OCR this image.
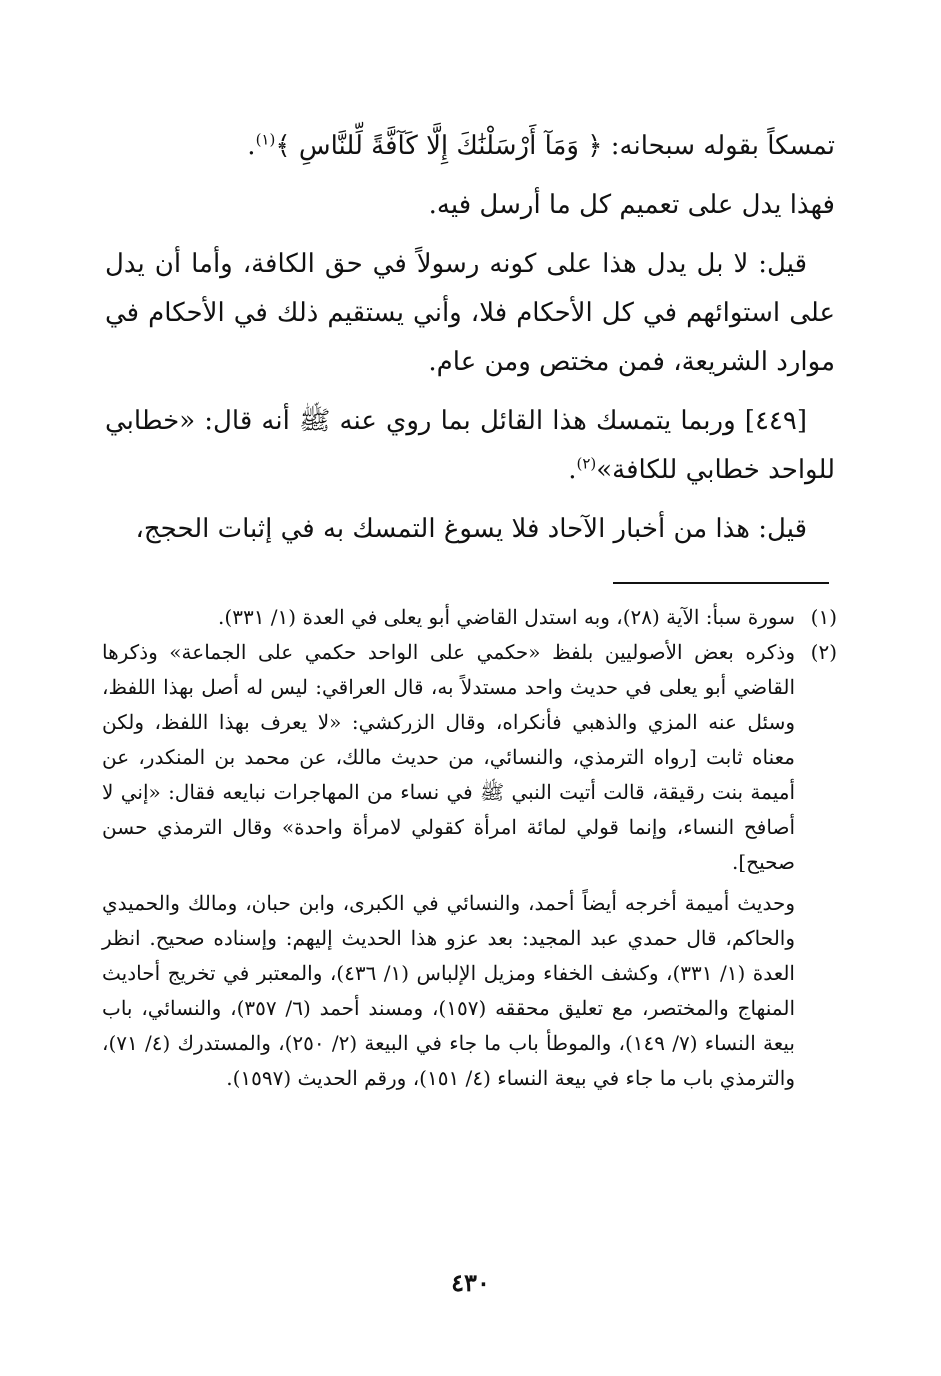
تمسكاً بقوله سبحانه: ﴿ وَمَآ أَرْسَلْنَٰكَ إِلَّا كَآفَّةً لِّلنَّاسِ ﴾$^{(١)}$.

فهذا يدل على تعميم كل ما أرسل فيه.

قيل: لا بل يدل هذا على كونه رسولاً في حق الكافة، وأما أن يدل على استوائهم في كل الأحكام فلا، وأني يستقيم ذلك في الأحكام في موارد الشريعة، فمن مختص ومن عام.

[٤٤٩] وربما يتمسك هذا القائل بما روي عنه ﷺ أنه قال: «خطابي للواحد خطابي للكافة»$^{(٢)}$.

قيل: هذا من أخبار الآحاد فلا يسوغ التمسك به في إثبات الحجج،

(١)
سورة سبأ: الآية (٢٨)، وبه استدل القاضي أبو يعلى في العدة (١/ ٣٣١).
(٢)
وذكره بعض الأصوليين بلفظ «حكمي على الواحد حكمي على الجماعة» وذكرها القاضي أبو يعلى في حديث واحد مستدلاً به، قال العراقي: ليس له أصل بهذا اللفظ، وسئل عنه المزي والذهبي فأنكراه، وقال الزركشي: «لا يعرف بهذا اللفظ، ولكن معناه ثابت [رواه الترمذي، والنسائي، من حديث مالك، عن محمد بن المنكدر، عن أميمة بنت رقيقة، قالت أتيت النبي ﷺ في نساء من المهاجرات نبايعه فقال: «إني لا أصافح النساء، وإنما قولي لمائة امرأة كقولي لامرأة واحدة» وقال الترمذي حسن صحيح].
وحديث أميمة أخرجه أيضاً أحمد، والنسائي في الكبرى، وابن حبان، ومالك والحميدي والحاكم، قال حمدي عبد المجيد: بعد عزو هذا الحديث إليهم: وإسناده صحيح. انظر العدة (١/ ٣٣١)، وكشف الخفاء ومزيل الإلباس (١/ ٤٣٦)، والمعتبر في تخريج أحاديث المنهاج والمختصر، مع تعليق محققه (١٥٧)، ومسند أحمد (٦/ ٣٥٧)، والنسائي، باب بيعة النساء (٧/ ١٤٩)، والموطأ باب ما جاء في البيعة (٢/ ٢٥٠)، والمستدرك (٤/ ٧١)، والترمذي باب ما جاء في بيعة النساء (٤/ ١٥١)، ورقم الحديث (١٥٩٧).
٤٣٠
